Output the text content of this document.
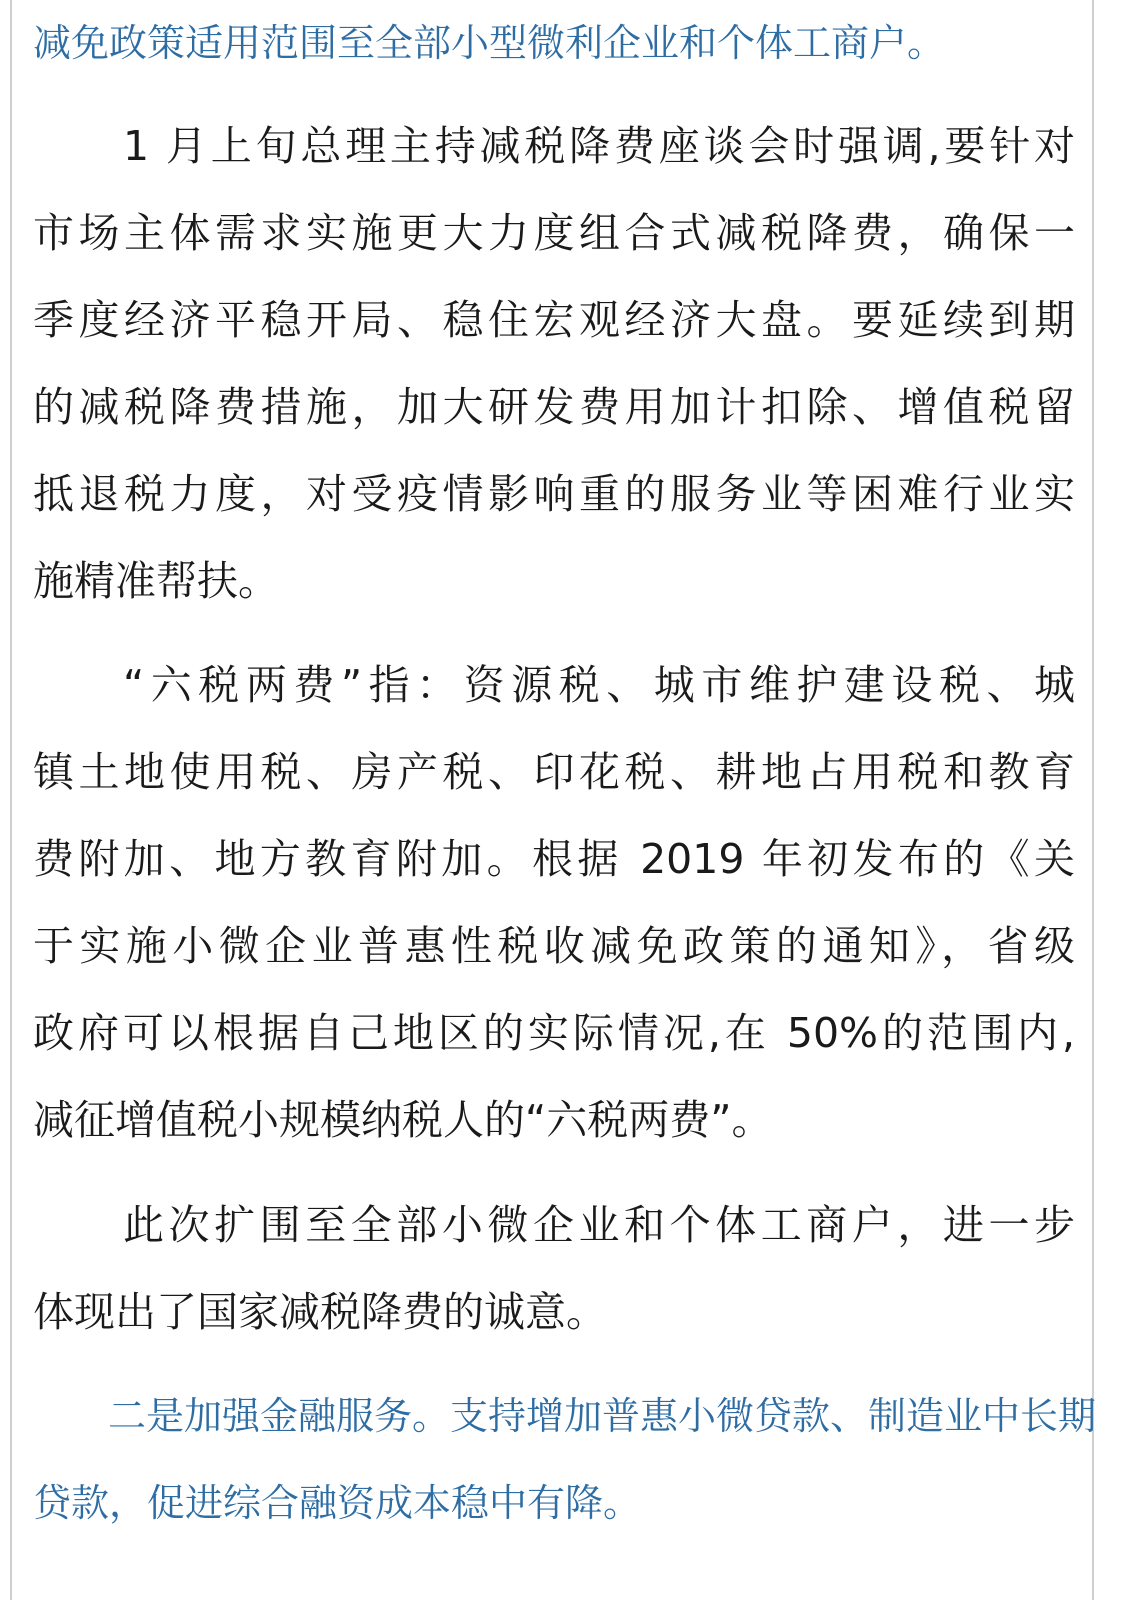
减免政策适用范围至全部小型微利企业和个体工商户。
1 月上旬总理主持减税降费座谈会时强调,要针对
市场主体需求实施更大力度组合式减税降费，确保一
季度经济平稳开局、稳住宏观经济大盘。要延续到期
的减税降费措施，加大研发费用加计扣除、增值税留
抵退税力度，对受疫情影响重的服务业等困难行业实
施精准帮扶。
“六税两费”指：资源税、城市维护建设税、城
镇土地使用税、房产税、印花税、耕地占用税和教育
费附加、地方教育附加。根据 2019 年初发布的《关
于实施小微企业普惠性税收减免政策的通知》，省级
政府可以根据自己地区的实际情况,在 50%的范围内,
减征增值税小规模纳税人的“六税两费”。
此次扩围至全部小微企业和个体工商户，进一步
体现出了国家减税降费的诚意。
二是加强金融服务。支持增加普惠小微贷款、制造业中长期
贷款，促进综合融资成本稳中有降。
